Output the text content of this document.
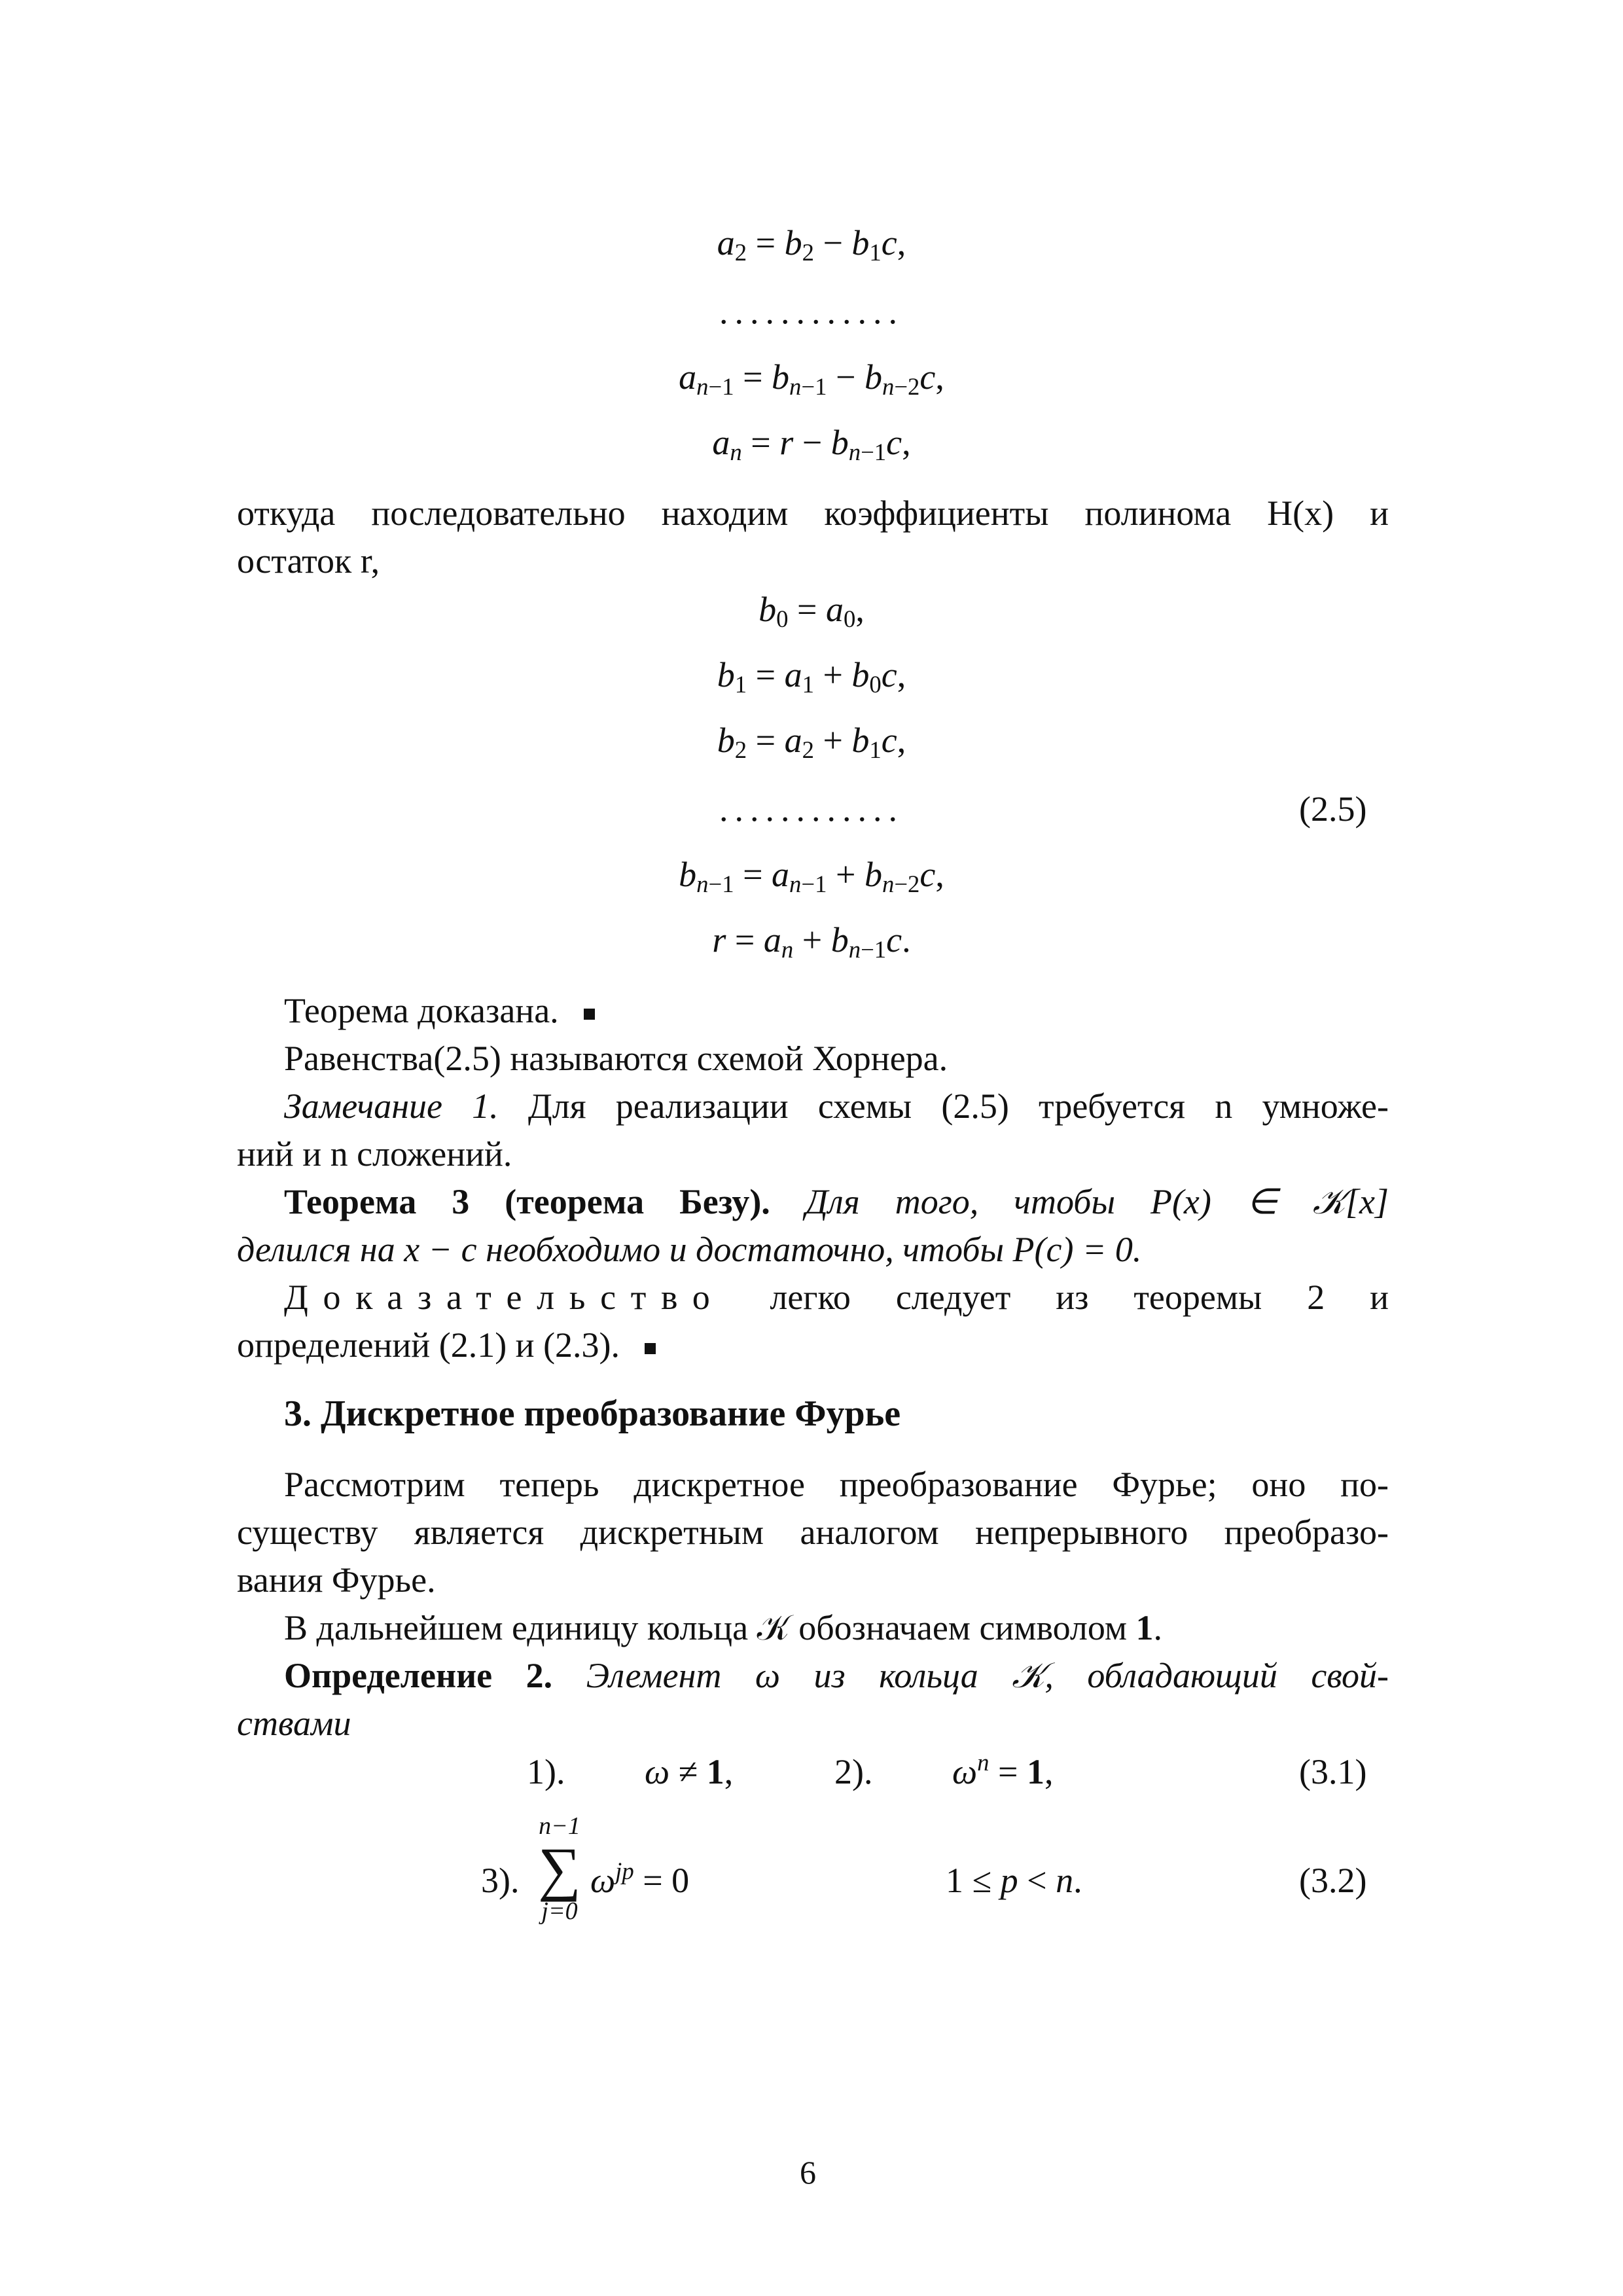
$a_2 = b_2 - b_1c$,
............
$a_{n-1} = b_{n-1} - b_{n-2}c$,
$a_n = r - b_{n-1}c$,
откуда последовательно находим коэффициенты полинома H(x) и
остаток r,
$b_0 = a_0$,
$b_1 = a_1 + b_0c$,
$b_2 = a_2 + b_1c$,
............	(2.5)
$b_{n-1} = a_{n-1} + b_{n-2}c$,
$r = a_n + b_{n-1}c$.
Теорема доказана.
Равенства(2.5) называются схемой Хорнера.
Замечание 1. Для реализации схемы (2.5) требуется n умноже-
ний и n сложений.
Теорема 3 (теорема Безу). Для того, чтобы P(x) ∈ 𝒦[x]
делился на x − c необходимо и достаточно, чтобы P(c) = 0.
Доказательство легко следует из теоремы 2 и
определений (2.1) и (2.3).
3. Дискретное преобразование Фурье
Рассмотрим теперь дискретное преобразование Фурье; оно по-
существу является дискретным аналогом непрерывного преобразо-
вания Фурье.
В дальнейшем единицу кольца 𝒦 обозначаем символом 1.
Определение 2. Элемент ω из кольца 𝒦, обладающий свой-
ствами
1). ω ≠ 1,	2). $\omega^n = 1$,	(3.1)
3).
n−1
∑
j=0
$\omega^{jp} = 0$	1 ≤ p < n.	(3.2)
6
